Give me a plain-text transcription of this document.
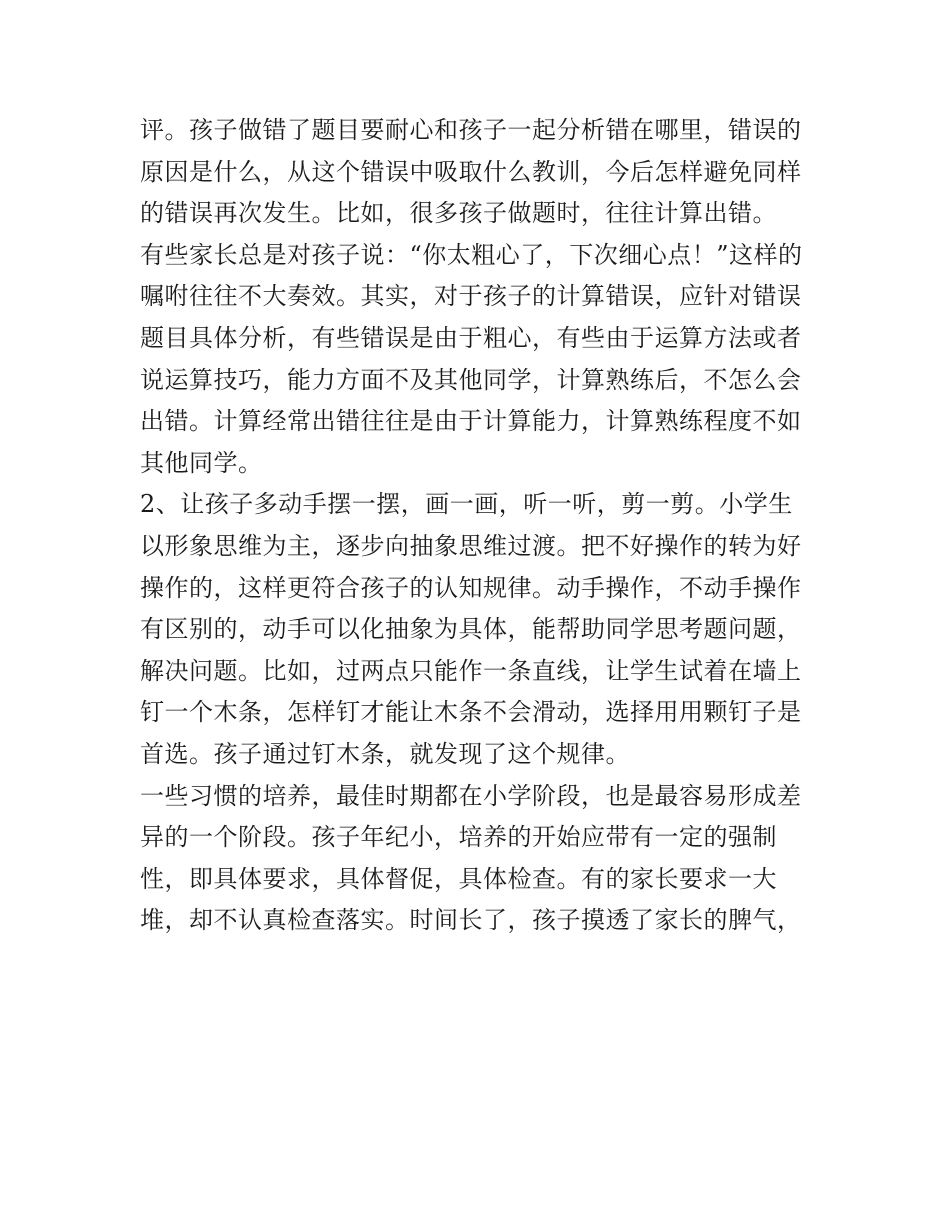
评。孩子做错了题目要耐心和孩子一起分析错在哪里，错误的
原因是什么，从这个错误中吸取什么教训，今后怎样避免同样
的错误再次发生。比如，很多孩子做题时，往往计算出错。
有些家长总是对孩子说：“你太粗心了，下次细心点！”这样的
嘱咐往往不大奏效。其实，对于孩子的计算错误，应针对错误
题目具体分析，有些错误是由于粗心，有些由于运算方法或者
说运算技巧，能力方面不及其他同学，计算熟练后，不怎么会
出错。计算经常出错往往是由于计算能力，计算熟练程度不如
其他同学。
2、让孩子多动手摆一摆，画一画，听一听，剪一剪。小学生
以形象思维为主，逐步向抽象思维过渡。把不好操作的转为好
操作的，这样更符合孩子的认知规律。动手操作，不动手操作
有区别的，动手可以化抽象为具体，能帮助同学思考题问题，
解决问题。比如，过两点只能作一条直线，让学生试着在墙上
钉一个木条，怎样钉才能让木条不会滑动，选择用用颗钉子是
首选。孩子通过钉木条，就发现了这个规律。
一些习惯的培养，最佳时期都在小学阶段，也是最容易形成差
异的一个阶段。孩子年纪小，培养的开始应带有一定的强制
性，即具体要求，具体督促，具体检查。有的家长要求一大
堆，却不认真检查落实。时间长了，孩子摸透了家长的脾气，
